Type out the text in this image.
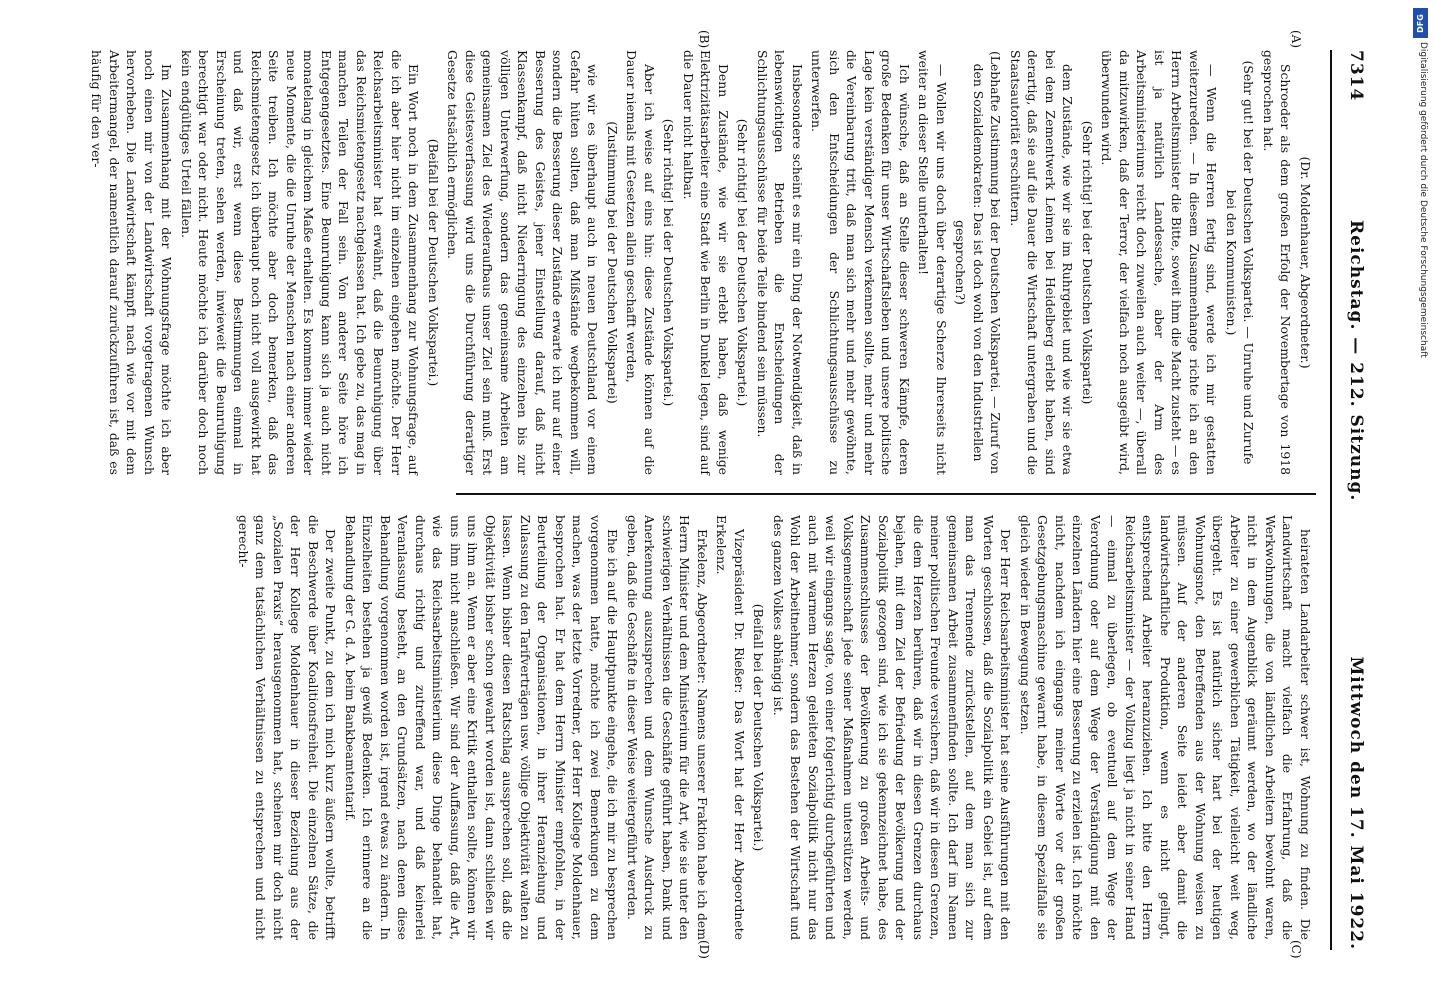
7314
Reichstag. — 212. Sitzung.
Mittwoch den 17. Mai 1922.
(A)
(B)
(C)
(D)

(Dr. Moldenhauer, Abgeordneter.)

Schroeder als dem großen Erfolg der Novembertage von 1918 gesprochen hat.

(Sehr gut! bei der Deutschen Volkspartei. — Unruhe und Zurufe bei den Kommunisten.)

— Wenn die Herren fertig sind, werde ich mir gestatten weiterzureden. — In diesem Zusammenhange richte ich an den Herrn Arbeitsminister die Bitte, soweit ihm die Macht zusteht — es ist ja natürlich Landessache, aber der Arm des Arbeitsministeriums reicht doch zuweilen auch weiter —, überall da mitzuwirken, daß der Terror, der vielfach noch ausgeübt wird, überwunden wird.

(Sehr richtig! bei der Deutschen Volkspartei)

dem Zustände, wie wir sie im Ruhrgebiet und wie wir sie etwa bei dem Zementwerk Leimen bei Heidelberg erlebt haben, sind derartig, daß sie auf die Dauer die Wirtschaft untergraben und die Staatsautorität erschüttern.

(Lebhafte Zustimmung bei der Deutschen Volkspartei. — Zuruf von den Sozialdemokraten: Das ist doch wohl von den Industriellen gesprochen?)

— Wollen wir uns doch über derartige Scherze Ihrerseits nicht weiter an dieser Stelle unterhalten!

Ich wünsche, daß an Stelle dieser schweren Kämpfe, deren große Bedenken für unser Wirtschaftsleben und unsere politische Lage kein verständiger Mensch verkennen sollte, mehr und mehr die Vereinbarung tritt, daß man sich mehr und mehr gewöhnte, sich den Entscheidungen der Schlichtungsausschüsse zu unterwerfen.

Insbesondere scheint es mir ein Ding der Notwendigkeit, daß in lebenswichtigen Betrieben die Entscheidungen der Schlichtungsausschüsse für beide Teile bindend sein müssen.

(Sehr richtig! bei der Deutschen Volkspartei.)

Denn Zustände, wie wir sie erlebt haben, daß wenige Elektrizitätsarbeiter eine Stadt wie Berlin in Dunkel legen, sind auf die Dauer nicht haltbar.

(Sehr richtig! bei der Deutschen Volkspartei.)

Aber ich weise auf eins hin: diese Zustände können auf die Dauer niemals mit Gesetzen allein geschafft werden,

(Zustimmung bei der Deutschen Volkspartei)

wie wir es überhaupt auch in neuen Deutschland vor einem Gefahr hüten sollten, daß man Mißstände wegbekommen will, sondern die Besserung dieser Zustände erwarte ich nur auf einer Besserung des Geistes, jener Einstellung darauf, daß nicht Klassenkampf, daß nicht Niederringung des einzelnen bis zur völligen Unterwerfung, sondern das gemeinsame Arbeiten am gemeinsamen Ziel des Wiederaufbaus unser Ziel sein muß. Erst diese Geistesverfassung wird uns die Durchführung derartiger Gesetze tatsächlich ermöglichen.

(Beifall bei der Deutschen Volkspartei.)

Ein Wort noch in dem Zusammenhang zur Wohnungsfrage, auf die ich aber hier nicht im einzelnen eingehen möchte. Der Herr Reichsarbeitsminister hat erwähnt, daß die Beunruhigung über das Reichsmietengesetz nachgelassen hat. Ich gebe zu, das mag in manchen Teilen der Fall sein. Von anderer Seite höre ich Entgegengesetztes. Eine Beunruhigung kann sich ja auch nicht monatelang in gleichem Maße erhalten. Es kommen immer wieder neue Momente, die die Unruhe der Menschen nach einer anderen Seite treiben. Ich möchte aber doch bemerken, daß das Reichsmietengesetz ich überhaupt noch nicht voll ausgewirkt hat und daß wir, erst wenn diese Bestimmungen einmal in Erscheinung treten, sehen werden, inwieweit die Beunruhigung berechtigt war oder nicht. Heute möchte ich darüber doch noch kein endgültiges Urteil fällen.

Im Zusammenhang mit der Wohnungsfrage möchte ich aber noch einen mir von der Landwirtschaft vorgetragenen Wunsch hervorheben. Die Landwirtschaft kämpft nach wie vor mit dem Arbeitermangel, der namentlich darauf zurückzuführen ist, daß es häufig für den ver-

heirateten Landarbeiter schwer ist, Wohnung zu finden. Die Landwirtschaft macht vielfach die Erfahrung, daß die Werkwohnungen, die von ländlichen Arbeitern bewohnt waren, nicht in dem Augenblick geräumt werden, wo der ländliche Arbeiter zu einer gewerblichen Tätigkeit, vielleicht weit weg, übergeht. Es ist natürlich sicher hart bei der heutigen Wohnungsnot, den Betreffenden aus der Wohnung weisen zu müssen. Auf der anderen Seite leidet aber damit die landwirtschaftliche Produktion, wenn es nicht gelingt, entsprechend Arbeiter heranzuziehen. Ich bitte den Herrn Reichsarbeitsminister — der Vollzug liegt ja nicht in seiner Hand — einmal zu überlegen, ob eventuell auf dem Wege der Verordnung oder auf dem Wege der Verständigung mit den einzelnen Ländern hier eine Besserung zu erzielen ist. Ich möchte nicht, nachdem ich eingangs meiner Worte vor der großen Gesetzgebungsmaschine gewarnt habe, in diesem Spezialfalle sie gleich wieder in Bewegung setzen.

Der Herr Reichsarbeitsminister hat seine Ausführungen mit den Worten geschlossen, daß die Sozialpolitik ein Gebiet ist, auf dem man das Trennende zurückstellen, auf dem man sich zur gemeinsamen Arbeit zusammenfinden sollte. Ich darf im Namen meiner politischen Freunde versichern, daß wir in diesen Grenzen, die dem Herzen berühren, daß wir in diesen Grenzen durchaus bejahen, mit dem Ziel der Befriedung der Bevölkerung und der Sozialpolitik gezogen sind, wie ich sie gekennzeichnet habe, des Zusammenschlusses der Bevölkerung zu großen Arbeits- und Volksgemeinschaft jede seiner Maßnahmen unterstützen werden, weil wir eingangs sagte, von einer folgerichtig durchgeführten und auch mit warmem Herzen geleiteten Sozialpolitik nicht nur das Wohl der Arbeitnehmer, sondern das Bestehen der Wirtschaft und des ganzen Volkes abhängig ist.

(Beifall bei der Deutschen Volkspartei.)

Vizepräsident Dr. Rießer: Das Wort hat der Herr Abgeordnete Erkelenz.

Erkelenz, Abgeordneter: Namens unserer Fraktion habe ich dem Herrn Minister und dem Ministerium für die Art, wie sie unter den schwierigen Verhältnissen die Geschäfte geführt haben, Dank und Anerkennung auszusprechen und dem Wunsche Ausdruck zu geben, daß die Geschäfte in dieser Weise weitergeführt werden.

Ehe ich auf die Hauptpunkte eingehe, die ich mir zu besprechen vorgenommen hatte, möchte ich zwei Bemerkungen zu dem machen, was der letzte Vorredner, der Herr Kollege Moldenhauer, besprochen hat. Er hat dem Herrn Minister empfohlen, in der Beurteilung der Organisationen, in ihrer Heranziehung und Zulassung zu den Tarifverträgen usw. völlige Objektivität walten zu lassen. Wenn bisher diesen Ratschlag aussprechen soll, daß die Objektivität bisher schon gewahrt worden ist, dann schließen wir uns ihm an. Wenn er aber eine Kritik enthalten sollte, können wir uns ihm nicht anschließen. Wir sind der Auffassung, daß die Art, wie das Reichsarbeitsministerium diese Dinge behandelt hat, durchaus richtig und zutreffend war, und daß keinerlei Veranlassung besteht, an den Grundsätzen, nach denen diese Behandlung vorgenommen worden ist, irgend etwas zu ändern. In Einzelheiten bestehen ja gewiß Bedenken. Ich erinnere an die Behandlung der G. d. A. beim Bankbeamtentarif.

Der zweite Punkt, zu dem ich mich kurz äußern wollte, betrifft die Beschwerde über Koalitionsfreiheit. Die einzelnen Sätze, die der Herr Kollege Moldenhauer in dieser Beziehung aus der „Sozialen Praxis“ herausgenommen hat, scheinen mir doch nicht ganz dem tatsächlichen Verhältnissen zu entsprechen und nicht gerecht-

DFG
Digitalisierung gefördert durch die Deutsche Forschungsgemeinschaft
